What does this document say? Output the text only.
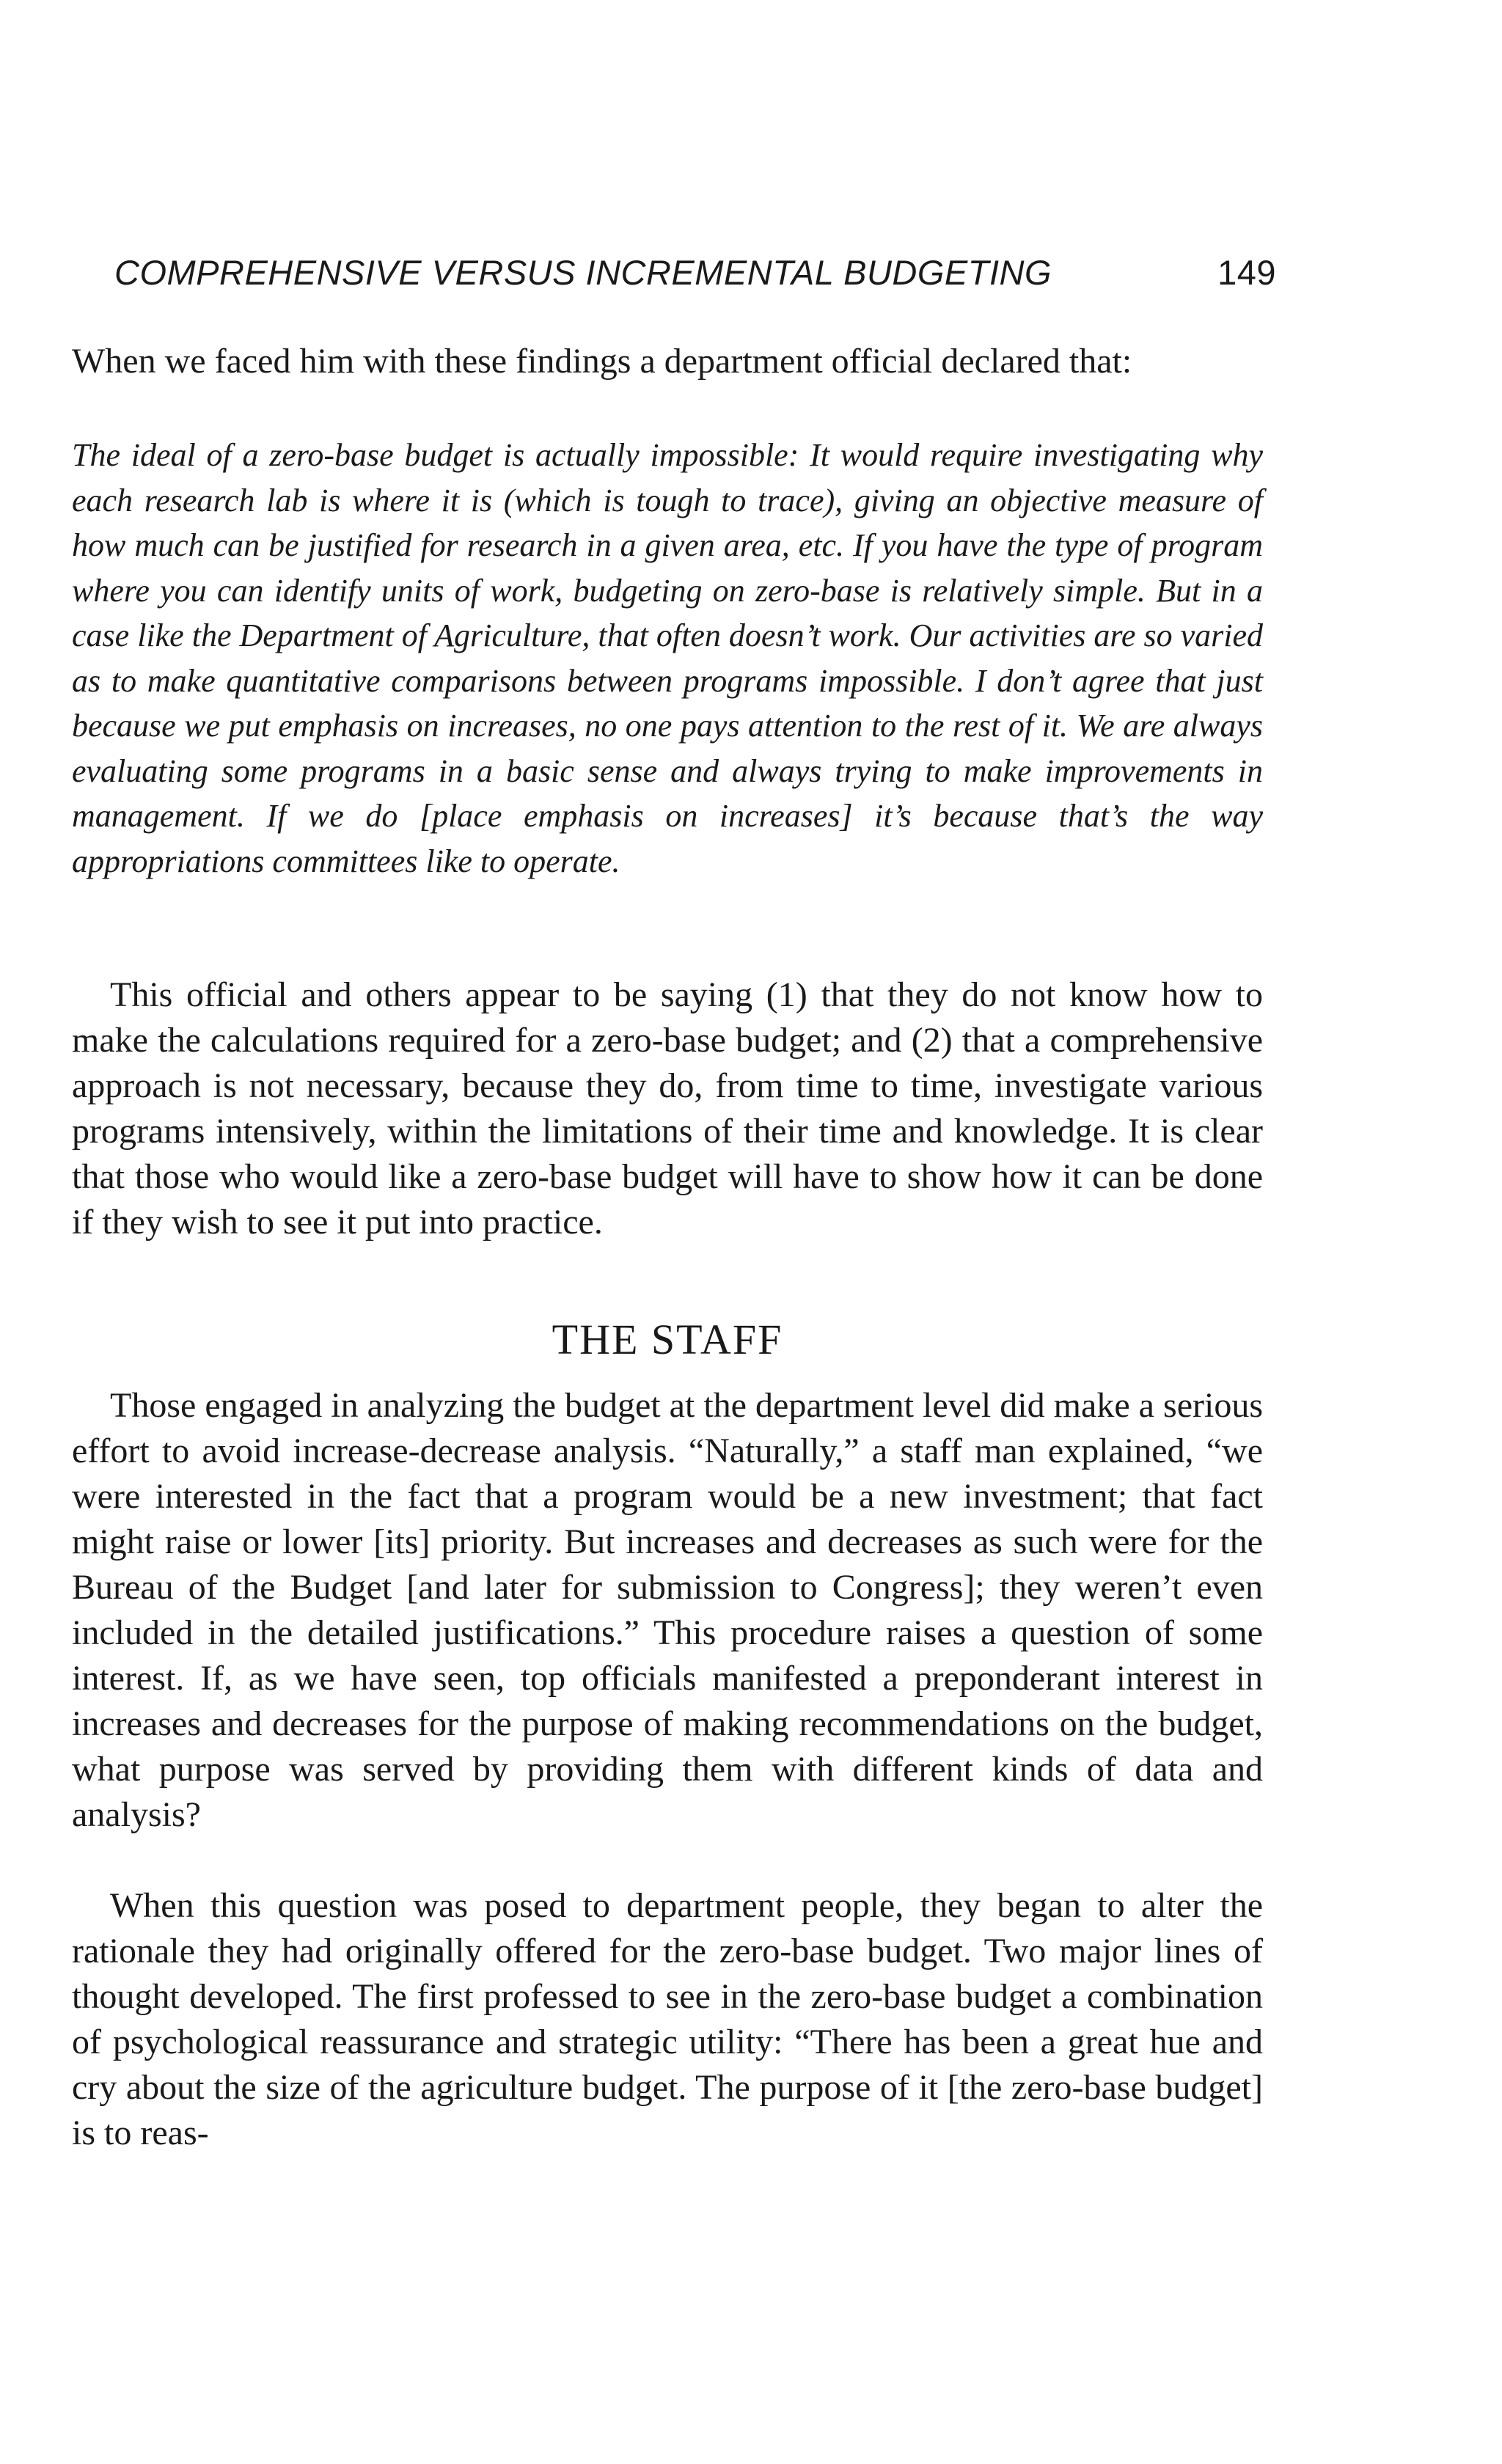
COMPREHENSIVE VERSUS INCREMENTAL BUDGETING	149

When we faced him with these findings a department official declared that:

The ideal of a zero-base budget is actually impossible: It would require investigating why each research lab is where it is (which is tough to trace), giving an objective measure of how much can be justified for research in a given area, etc. If you have the type of program where you can identify units of work, budgeting on zero-base is relatively simple. But in a case like the Department of Agriculture, that often doesn’t work. Our activities are so varied as to make quantitative comparisons between programs impossible. I don’t agree that just because we put emphasis on increases, no one pays attention to the rest of it. We are always evaluating some programs in a basic sense and always trying to make improvements in management. If we do [place emphasis on increases] it’s because that’s the way appropriations committees like to operate.

This official and others appear to be saying (1) that they do not know how to make the calculations required for a zero-base budget; and (2) that a comprehensive approach is not necessary, because they do, from time to time, investigate various programs intensively, within the limitations of their time and knowledge. It is clear that those who would like a zero-base budget will have to show how it can be done if they wish to see it put into practice.

THE STAFF

Those engaged in analyzing the budget at the department level did make a serious effort to avoid increase-decrease analysis. “Naturally,” a staff man explained, “we were interested in the fact that a program would be a new investment; that fact might raise or lower [its] priority. But increases and decreases as such were for the Bureau of the Budget [and later for submission to Congress]; they weren’t even included in the detailed justifications.” This procedure raises a question of some interest. If, as we have seen, top officials manifested a preponderant interest in increases and decreases for the purpose of making recommendations on the budget, what purpose was served by providing them with different kinds of data and analysis?

When this question was posed to department people, they began to alter the rationale they had originally offered for the zero-base budget. Two major lines of thought developed. The first professed to see in the zero-base budget a combination of psychological reassurance and strategic utility: “There has been a great hue and cry about the size of the agriculture budget. The purpose of it [the zero-base budget] is to reas-
